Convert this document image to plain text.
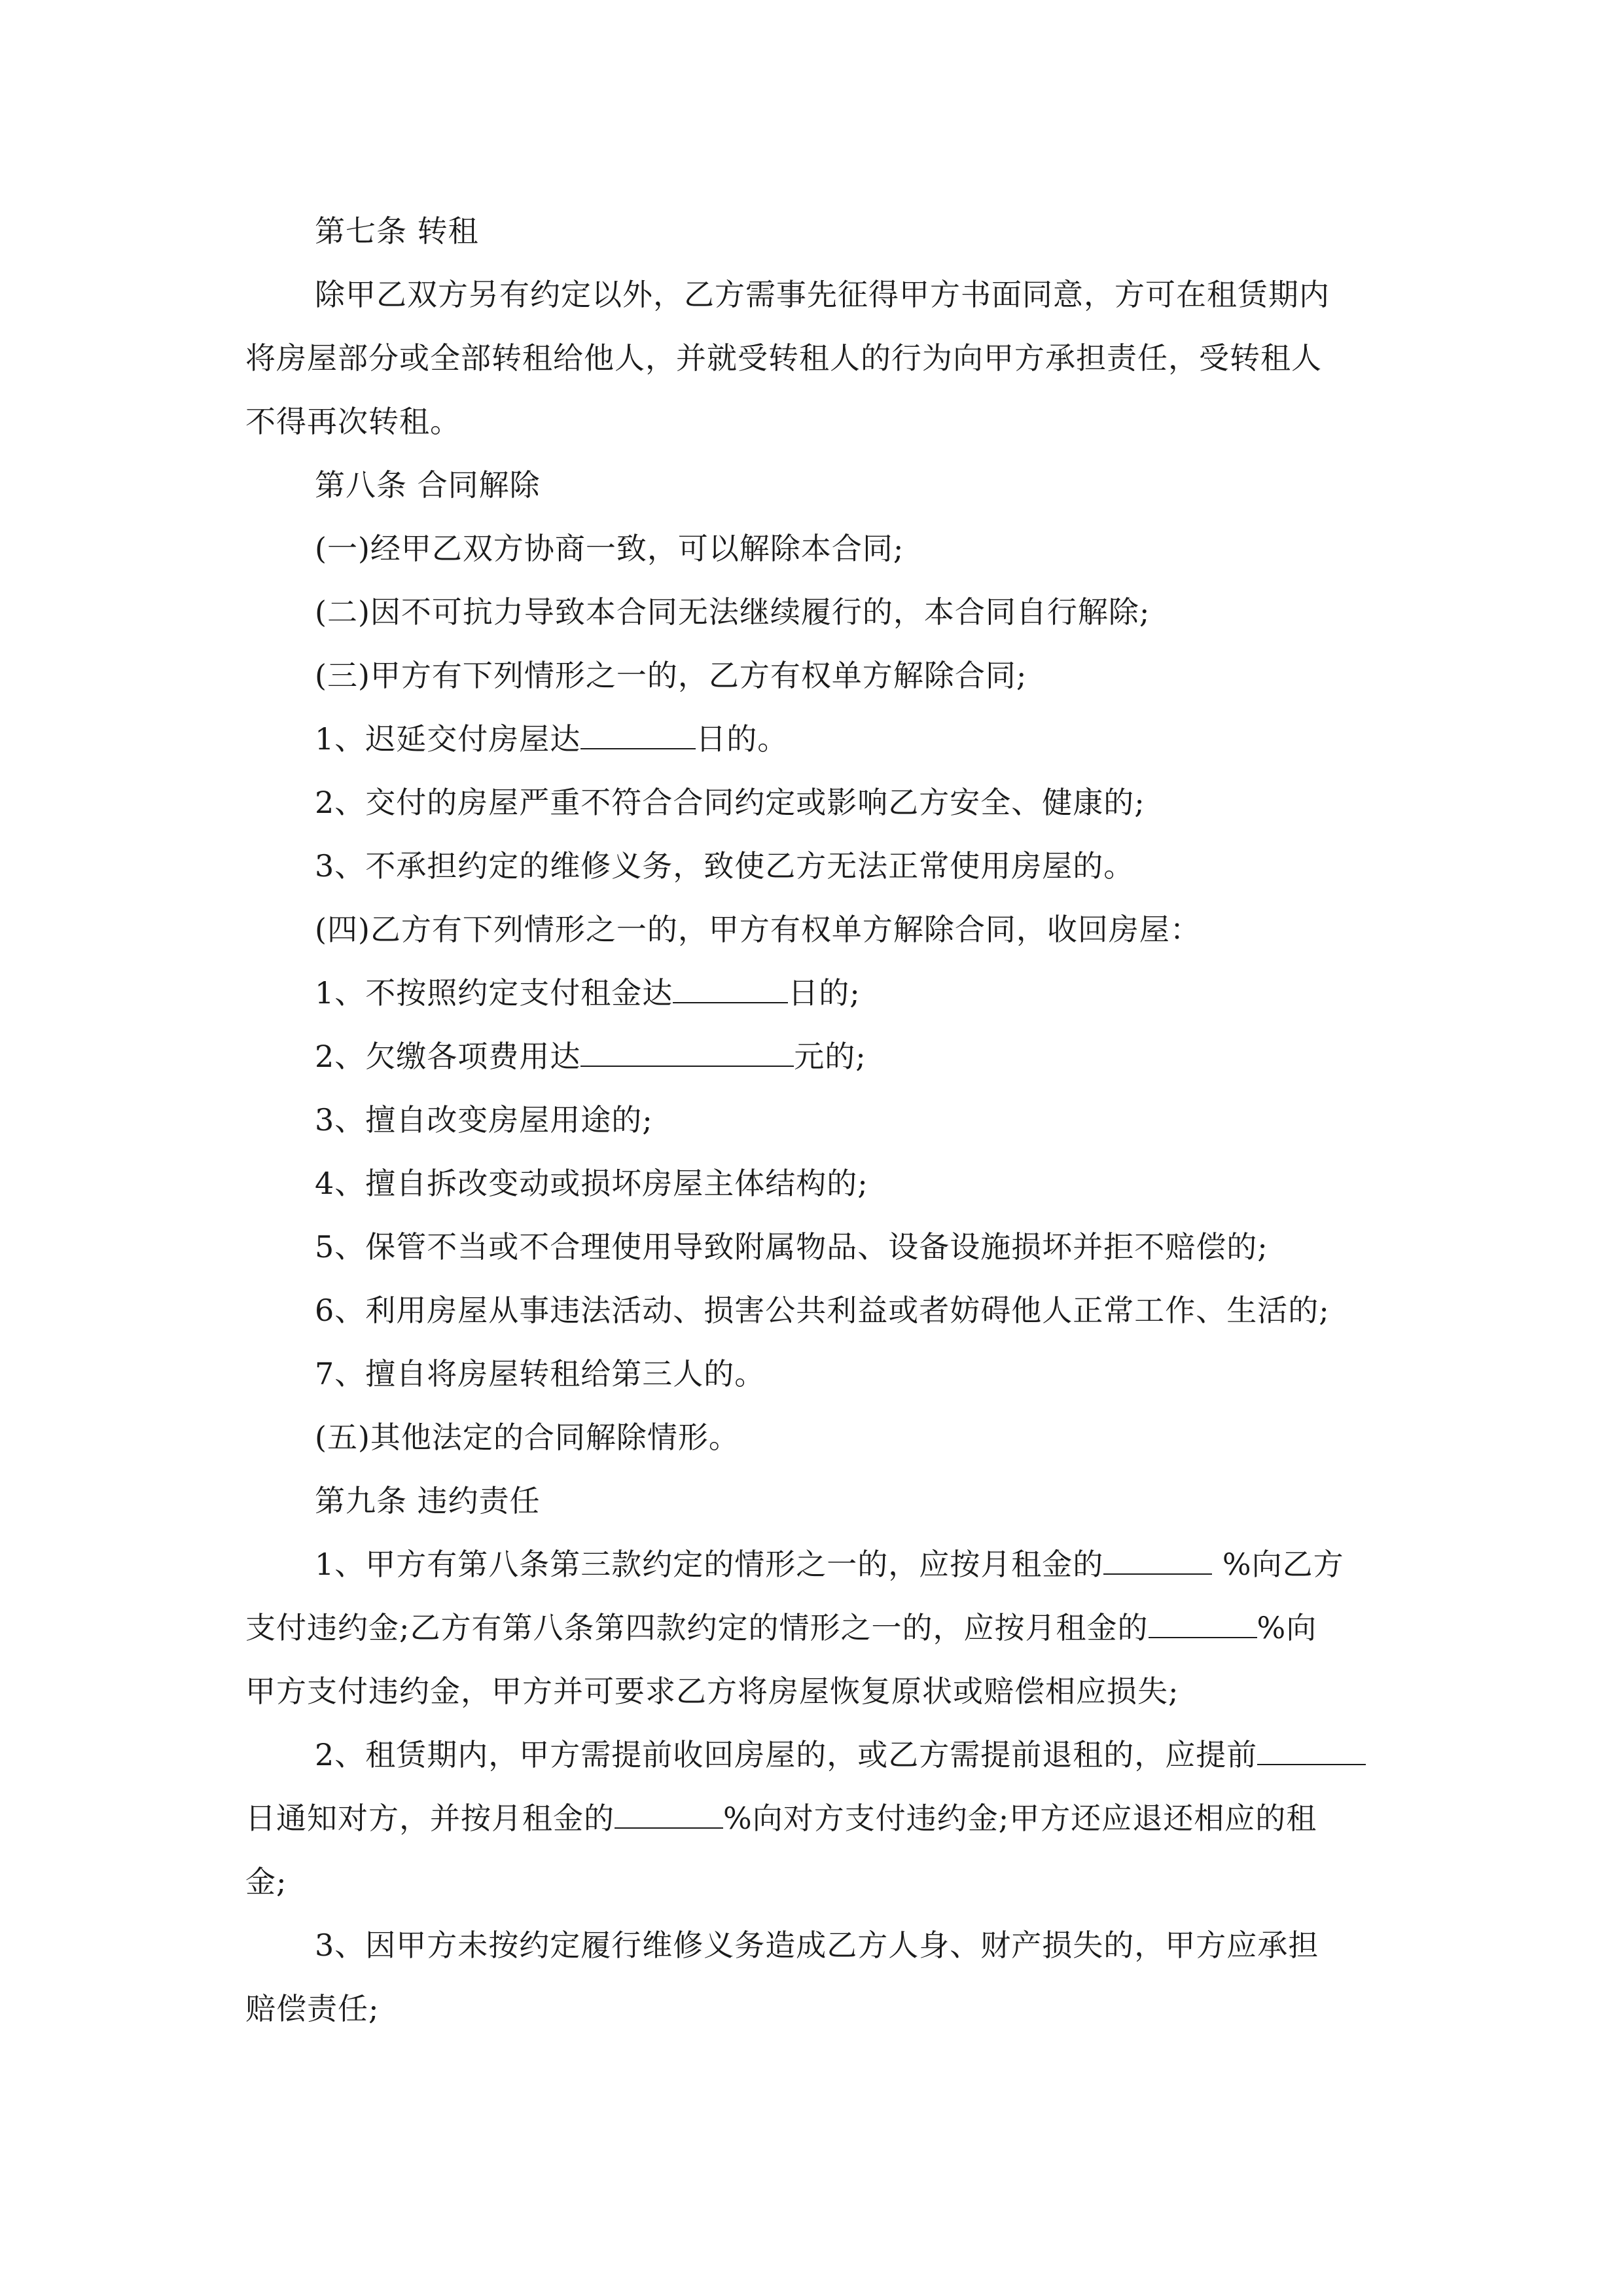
第七条 转租

除甲乙双方另有约定以外，乙方需事先征得甲方书面同意，方可在租赁期内

将房屋部分或全部转租给他人，并就受转租人的行为向甲方承担责任，受转租人

不得再次转租。

第八条 合同解除

(一)经甲乙双方协商一致，可以解除本合同;

(二)因不可抗力导致本合同无法继续履行的，本合同自行解除;

(三)甲方有下列情形之一的，乙方有权单方解除合同;

1、迟延交付房屋达	日的。

2、交付的房屋严重不符合合同约定或影响乙方安全、健康的;

3、不承担约定的维修义务，致使乙方无法正常使用房屋的。

(四)乙方有下列情形之一的，甲方有权单方解除合同，收回房屋：

1、不按照约定支付租金达	日的;

2、欠缴各项费用达	元的;

3、擅自改变房屋用途的;

4、擅自拆改变动或损坏房屋主体结构的;

5、保管不当或不合理使用导致附属物品、设备设施损坏并拒不赔偿的;

6、利用房屋从事违法活动、损害公共利益或者妨碍他人正常工作、生活的;

7、擅自将房屋转租给第三人的。

(五)其他法定的合同解除情形。

第九条 违约责任

1、甲方有第八条第三款约定的情形之一的，应按月租金的	%向乙方

支付违约金;乙方有第八条第四款约定的情形之一的，应按月租金的	%向

甲方支付违约金，甲方并可要求乙方将房屋恢复原状或赔偿相应损失;

2、租赁期内，甲方需提前收回房屋的，或乙方需提前退租的，应提前

日通知对方，并按月租金的	%向对方支付违约金;甲方还应退还相应的租

金;

3、因甲方未按约定履行维修义务造成乙方人身、财产损失的，甲方应承担

赔偿责任;
